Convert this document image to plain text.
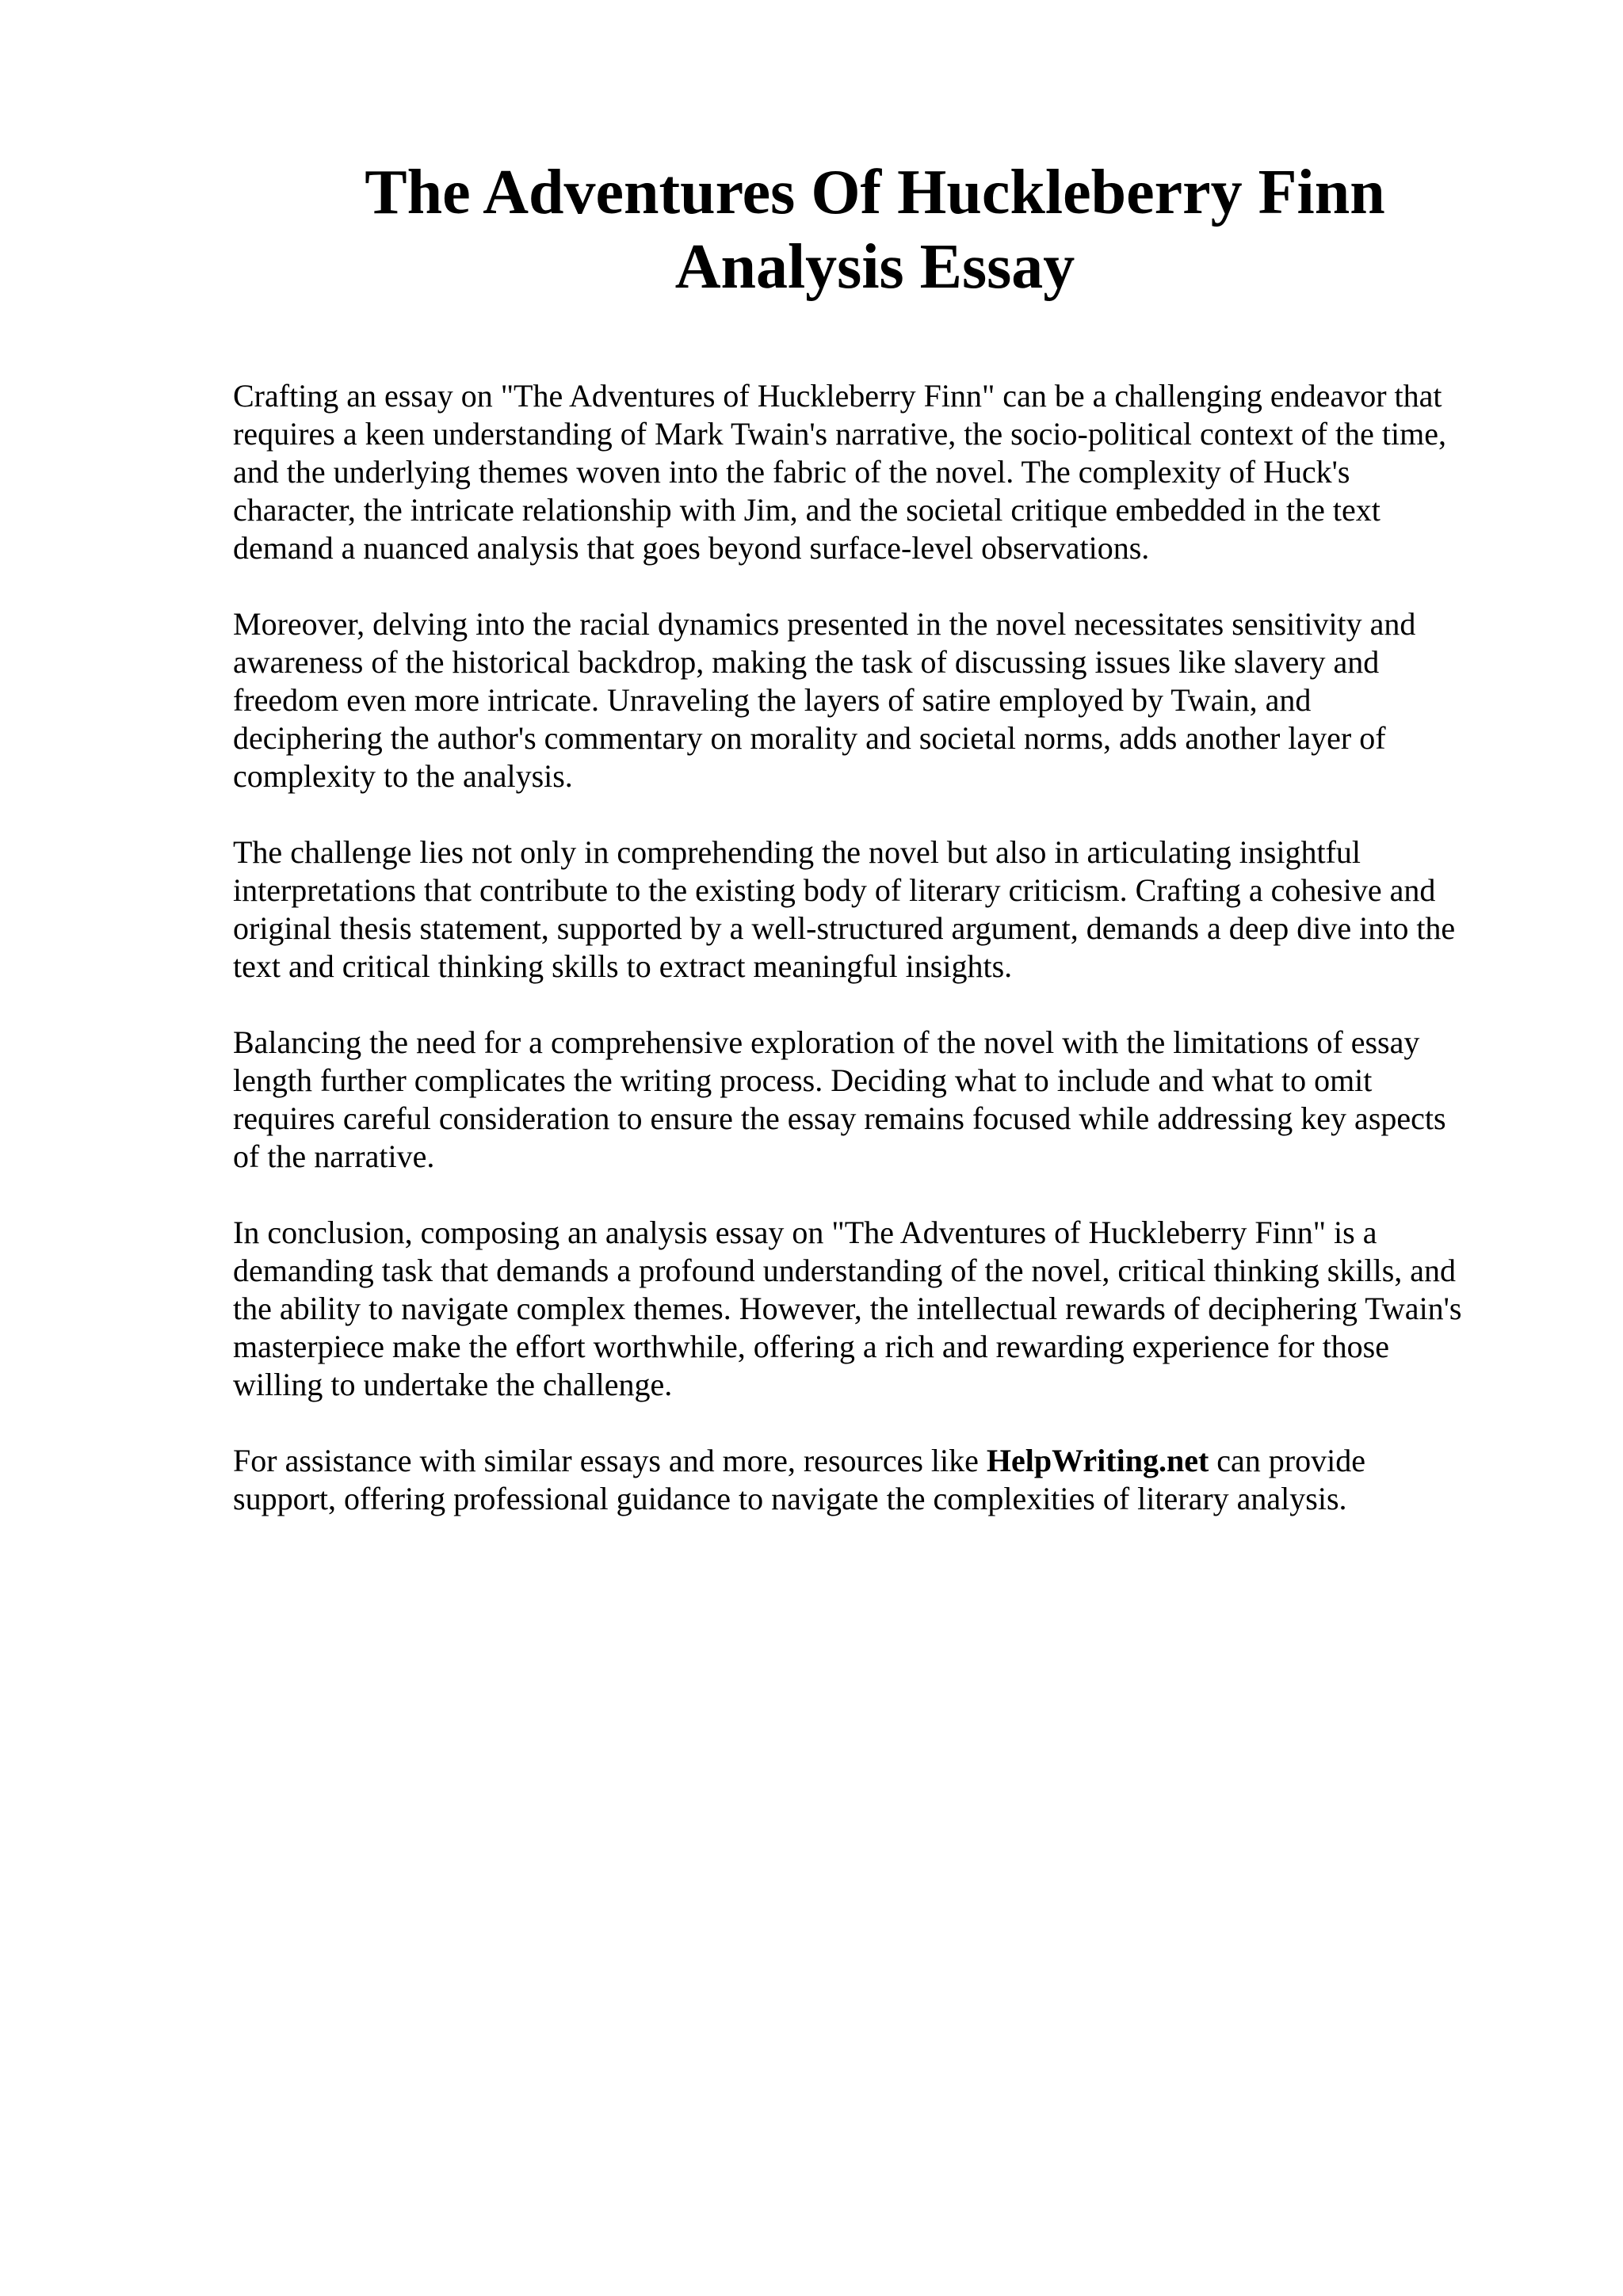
The Adventures Of Huckleberry Finn
Analysis Essay

Crafting an essay on "The Adventures of Huckleberry Finn" can be a challenging endeavor that
requires a keen understanding of Mark Twain's narrative, the socio-political context of the time,
and the underlying themes woven into the fabric of the novel. The complexity of Huck's
character, the intricate relationship with Jim, and the societal critique embedded in the text
demand a nuanced analysis that goes beyond surface-level observations.

Moreover, delving into the racial dynamics presented in the novel necessitates sensitivity and
awareness of the historical backdrop, making the task of discussing issues like slavery and
freedom even more intricate. Unraveling the layers of satire employed by Twain, and
deciphering the author's commentary on morality and societal norms, adds another layer of
complexity to the analysis.

The challenge lies not only in comprehending the novel but also in articulating insightful
interpretations that contribute to the existing body of literary criticism. Crafting a cohesive and
original thesis statement, supported by a well-structured argument, demands a deep dive into the
text and critical thinking skills to extract meaningful insights.

Balancing the need for a comprehensive exploration of the novel with the limitations of essay
length further complicates the writing process. Deciding what to include and what to omit
requires careful consideration to ensure the essay remains focused while addressing key aspects
of the narrative.

In conclusion, composing an analysis essay on "The Adventures of Huckleberry Finn" is a
demanding task that demands a profound understanding of the novel, critical thinking skills, and
the ability to navigate complex themes. However, the intellectual rewards of deciphering Twain's
masterpiece make the effort worthwhile, offering a rich and rewarding experience for those
willing to undertake the challenge.

For assistance with similar essays and more, resources like HelpWriting.net can provide
support, offering professional guidance to navigate the complexities of literary analysis.
